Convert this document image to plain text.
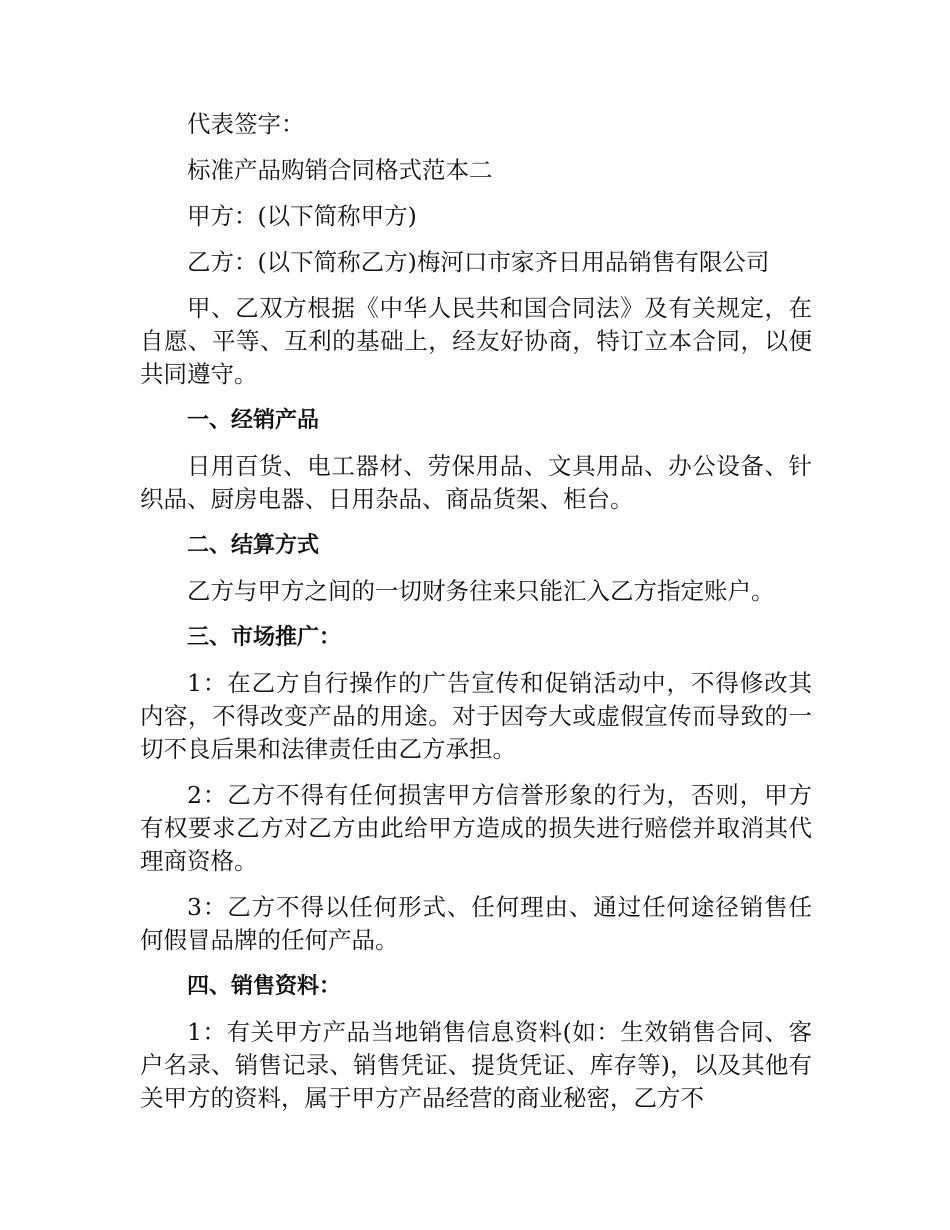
代表签字：

标准产品购销合同格式范本二

甲方：(以下简称甲方)

乙方：(以下简称乙方)梅河口市家齐日用品销售有限公司

甲、乙双方根据《中华人民共和国合同法》及有关规定，在自愿、平等、互利的基础上，经友好协商，特订立本合同，以便共同遵守。

一、经销产品

日用百货、电工器材、劳保用品、文具用品、办公设备、针织品、厨房电器、日用杂品、商品货架、柜台。

二、结算方式

乙方与甲方之间的一切财务往来只能汇入乙方指定账户。

三、市场推广：

1：在乙方自行操作的广告宣传和促销活动中，不得修改其内容，不得改变产品的用途。对于因夸大或虚假宣传而导致的一切不良后果和法律责任由乙方承担。

2：乙方不得有任何损害甲方信誉形象的行为，否则，甲方有权要求乙方对乙方由此给甲方造成的损失进行赔偿并取消其代理商资格。

3：乙方不得以任何形式、任何理由、通过任何途径销售任何假冒品牌的任何产品。

四、销售资料：

1：有关甲方产品当地销售信息资料(如：生效销售合同、客户名录、销售记录、销售凭证、提货凭证、库存等)，以及其他有关甲方的资料，属于甲方产品经营的商业秘密，乙方不
